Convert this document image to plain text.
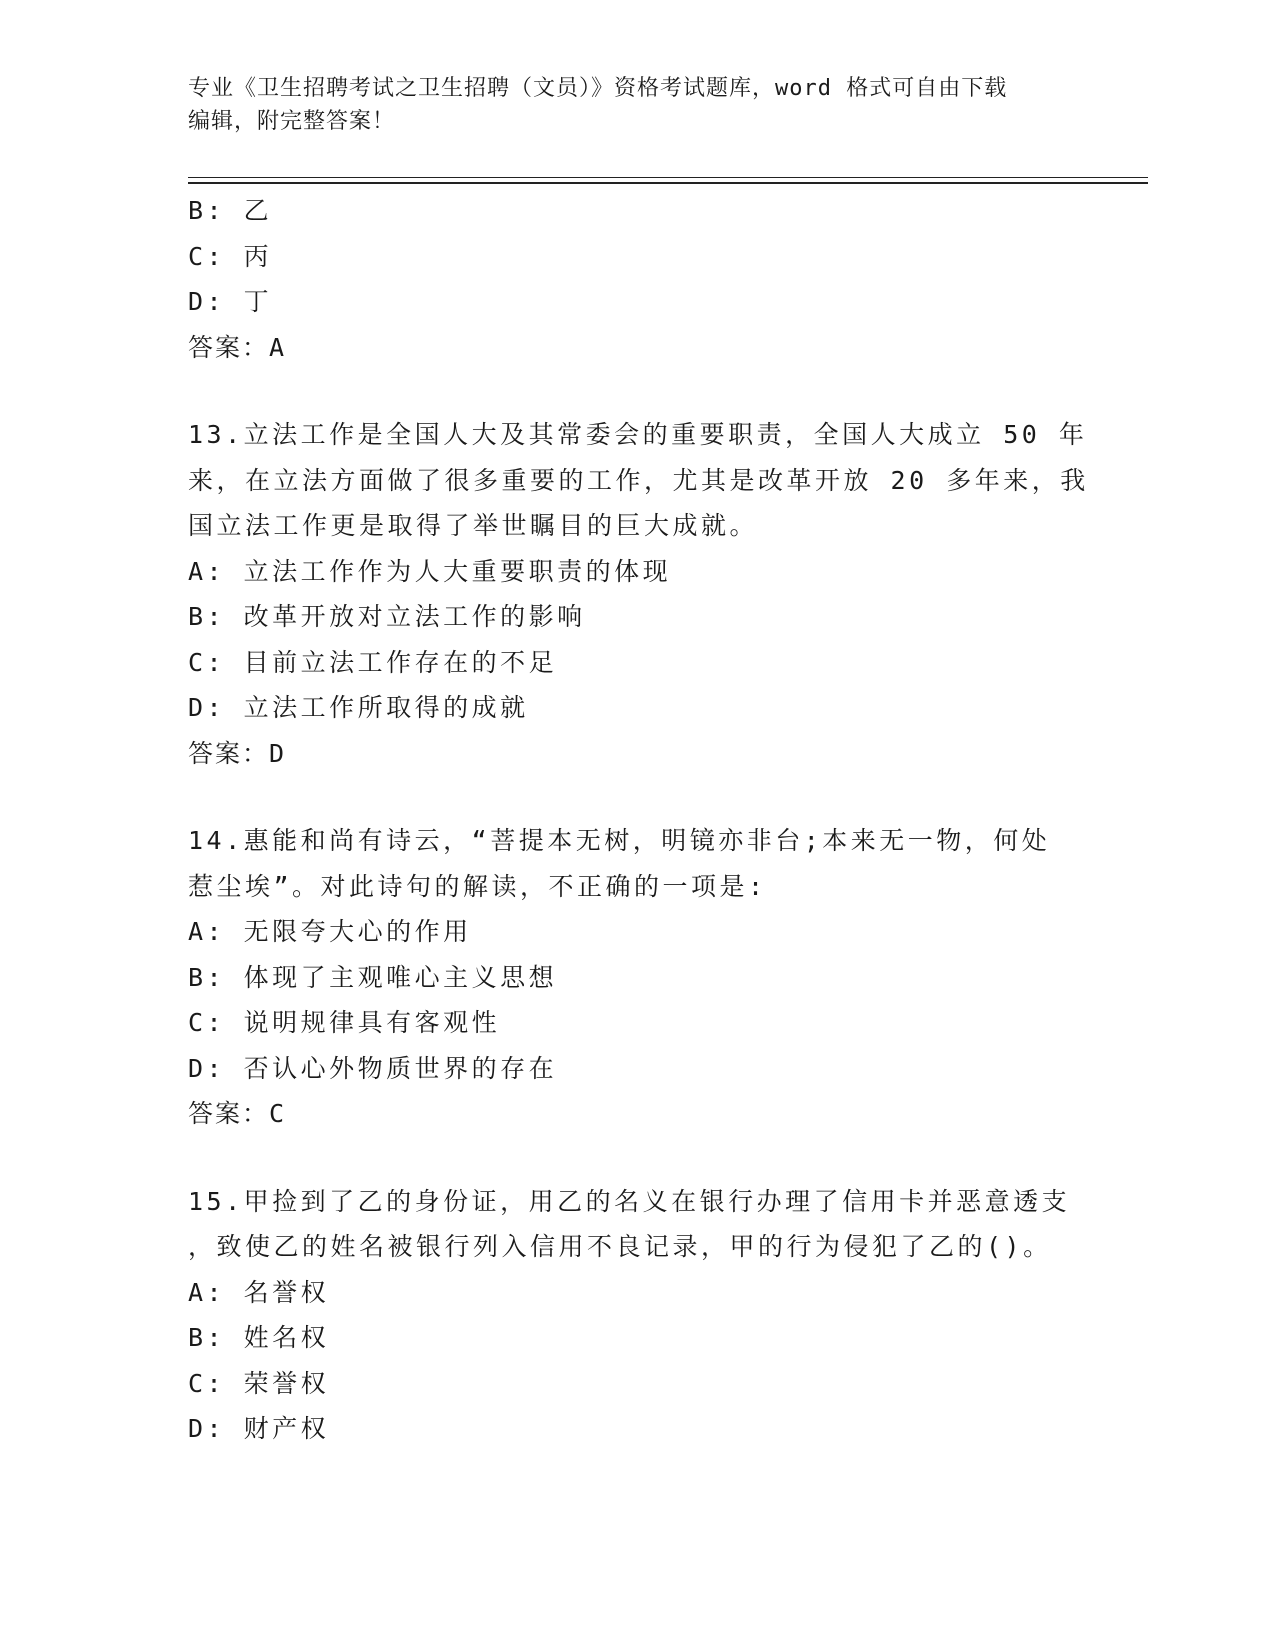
专业《卫生招聘考试之卫生招聘（文员）》资格考试题库，word 格式可自由下载
编辑，附完整答案！
B: 乙
C: 丙
D: 丁
答案：A
13.立法工作是全国人大及其常委会的重要职责，全国人大成立 50 年
来，在立法方面做了很多重要的工作，尤其是改革开放 20 多年来，我
国立法工作更是取得了举世瞩目的巨大成就。
A: 立法工作作为人大重要职责的体现
B: 改革开放对立法工作的影响
C: 目前立法工作存在的不足
D: 立法工作所取得的成就
答案：D
14.惠能和尚有诗云，“菩提本无树，明镜亦非台;本来无一物，何处
惹尘埃”。对此诗句的解读，不正确的一项是:
A: 无限夸大心的作用
B: 体现了主观唯心主义思想
C: 说明规律具有客观性
D: 否认心外物质世界的存在
答案：C
15.甲捡到了乙的身份证，用乙的名义在银行办理了信用卡并恶意透支
，致使乙的姓名被银行列入信用不良记录，甲的行为侵犯了乙的()。
A: 名誉权
B: 姓名权
C: 荣誉权
D: 财产权
